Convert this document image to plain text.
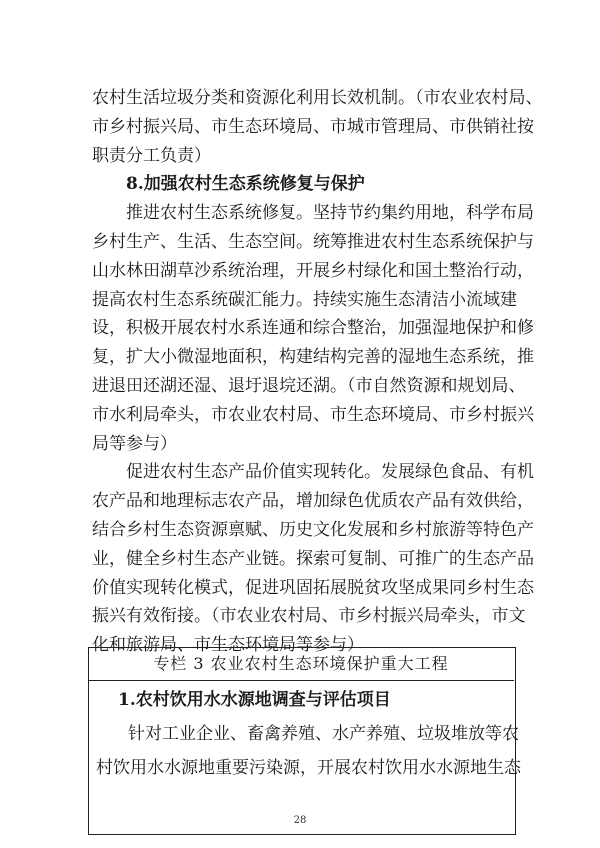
农村生活垃圾分类和资源化利用长效机制。（市农业农村局、
市乡村振兴局、市生态环境局、市城市管理局、市供销社按
职责分工负责）
8.加强农村生态系统修复与保护
推进农村生态系统修复。坚持节约集约用地，科学布局
乡村生产、生活、生态空间。统筹推进农村生态系统保护与
山水林田湖草沙系统治理，开展乡村绿化和国土整治行动，
提高农村生态系统碳汇能力。持续实施生态清洁小流域建
设，积极开展农村水系连通和综合整治，加强湿地保护和修
复，扩大小微湿地面积，构建结构完善的湿地生态系统，推
进退田还湖还湿、退圩退垸还湖。（市自然资源和规划局、
市水利局牵头，市农业农村局、市生态环境局、市乡村振兴
局等参与）
促进农村生态产品价值实现转化。发展绿色食品、有机
农产品和地理标志农产品，增加绿色优质农产品有效供给，
结合乡村生态资源禀赋、历史文化发展和乡村旅游等特色产
业，健全乡村生态产业链。探索可复制、可推广的生态产品
价值实现转化模式，促进巩固拓展脱贫攻坚成果同乡村生态
振兴有效衔接。（市农业农村局、市乡村振兴局牵头，市文
化和旅游局、市生态环境局等参与）
专栏 3 农业农村生态环境保护重大工程
1.农村饮用水水源地调查与评估项目
针对工业企业、畜禽养殖、水产养殖、垃圾堆放等农
村饮用水水源地重要污染源，开展农村饮用水水源地生态
28
